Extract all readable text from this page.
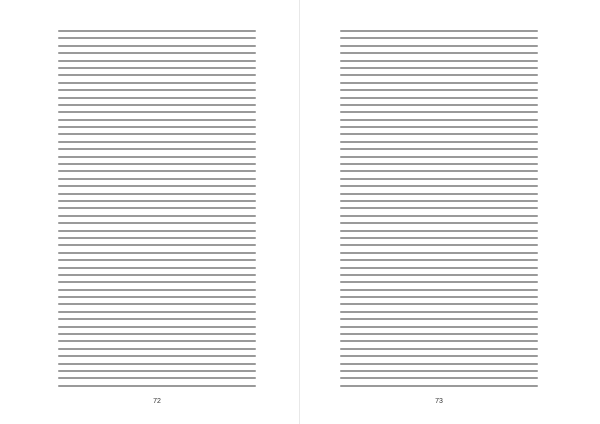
72	73
